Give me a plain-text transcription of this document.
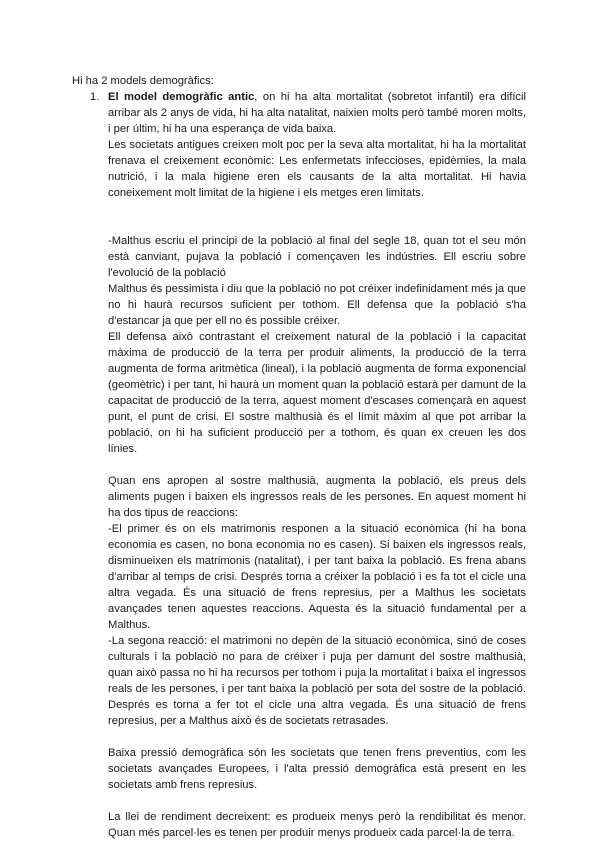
Hi ha 2 models demogràfics:
1. El model demogràfic antic, on hi ha alta mortalitat (sobretot infantil) era difícil arribar als 2 anys de vida, hi ha alta natalitat, naixien molts però també moren molts, i per últim, hi ha una esperança de vida baixa.

Les societats antigues creixen molt poc per la seva alta mortalitat, hi ha la mortalitat frenava el creixement econòmic: Les enfermetats infeccioses, epidèmies, la mala nutrició, i la mala higiene eren els causants de la alta mortalitat. Hi havia coneixement molt limitat de la higiene i els metges eren limitats.

-Malthus escriu el principi de la població al final del segle 18, quan tot el seu món està canviant, pujava la població i començaven les indústries. Ell escriu sobre l'evolució de la població

Malthus és pessimista i diu que la població no pot créixer indefinidament més ja que no hi haurà recursos suficient per tothom. Ell defensa que la població s'ha d'estancar ja que per ell no és possible créixer.

Ell defensa això contrastant el creixement natural de la població i la capacitat màxima de producció de la terra per produir aliments, la producció de la terra augmenta de forma aritmètica (lineal), i la població augmenta de forma exponencial (geomètric) i per tant, hi haurà un moment quan la població estarà per damunt de la capacitat de producció de la terra, aquest moment d'escases començarà en aquest punt, el punt de crisi. El sostre malthusià és el límit màxim al que pot arribar la població, on hi ha suficient producció per a tothom, és quan ex creuen les dos línies.

Quan ens apropen al sostre malthusià, augmenta la població, els preus dels aliments pugen i baixen els ingressos reals de les persones. En aquest moment hi ha dos tipus de reaccions:

-El primer és on els matrimonis responen a la situació econòmica (hi ha bona economia es casen, no bona economia no es casen). Si baixen els ingressos reals, disminueixen els matrimonis (natalitat), i per tant baixa la població. Es frena abans d'arribar al temps de crisi. Després torna a créixer la població i es fa tot el cicle una altra vegada. És una situació de frens represius, per a Malthus les societats avançades tenen aquestes reaccions. Aquesta és la situació fundamental per a Malthus.

-La segona reacció: el matrimoni no depèn de la situació econòmica, sinó de coses culturals i la població no para de créixer i puja per damunt del sostre malthusià, quan això passa no hi ha recursos per tothom i puja la mortalitat i baixa el ingressos reals de les persones, i per tant baixa la població per sota del sostre de la població. Després es torna a fer tot el cicle una altra vegada. És una situació de frens represius, per a Malthus això és de societats retrasades.

Baixa pressió demogràfica són les societats que tenen frens preventius, com les societats avançades Europees, i l'alta pressió demogràfica està present en les societats amb frens represius.

La llei de rendiment decreixent: es produeix menys però la rendibilitat és menor. Quan més parcel·les es tenen per produir menys produeix cada parcel·la de terra.
